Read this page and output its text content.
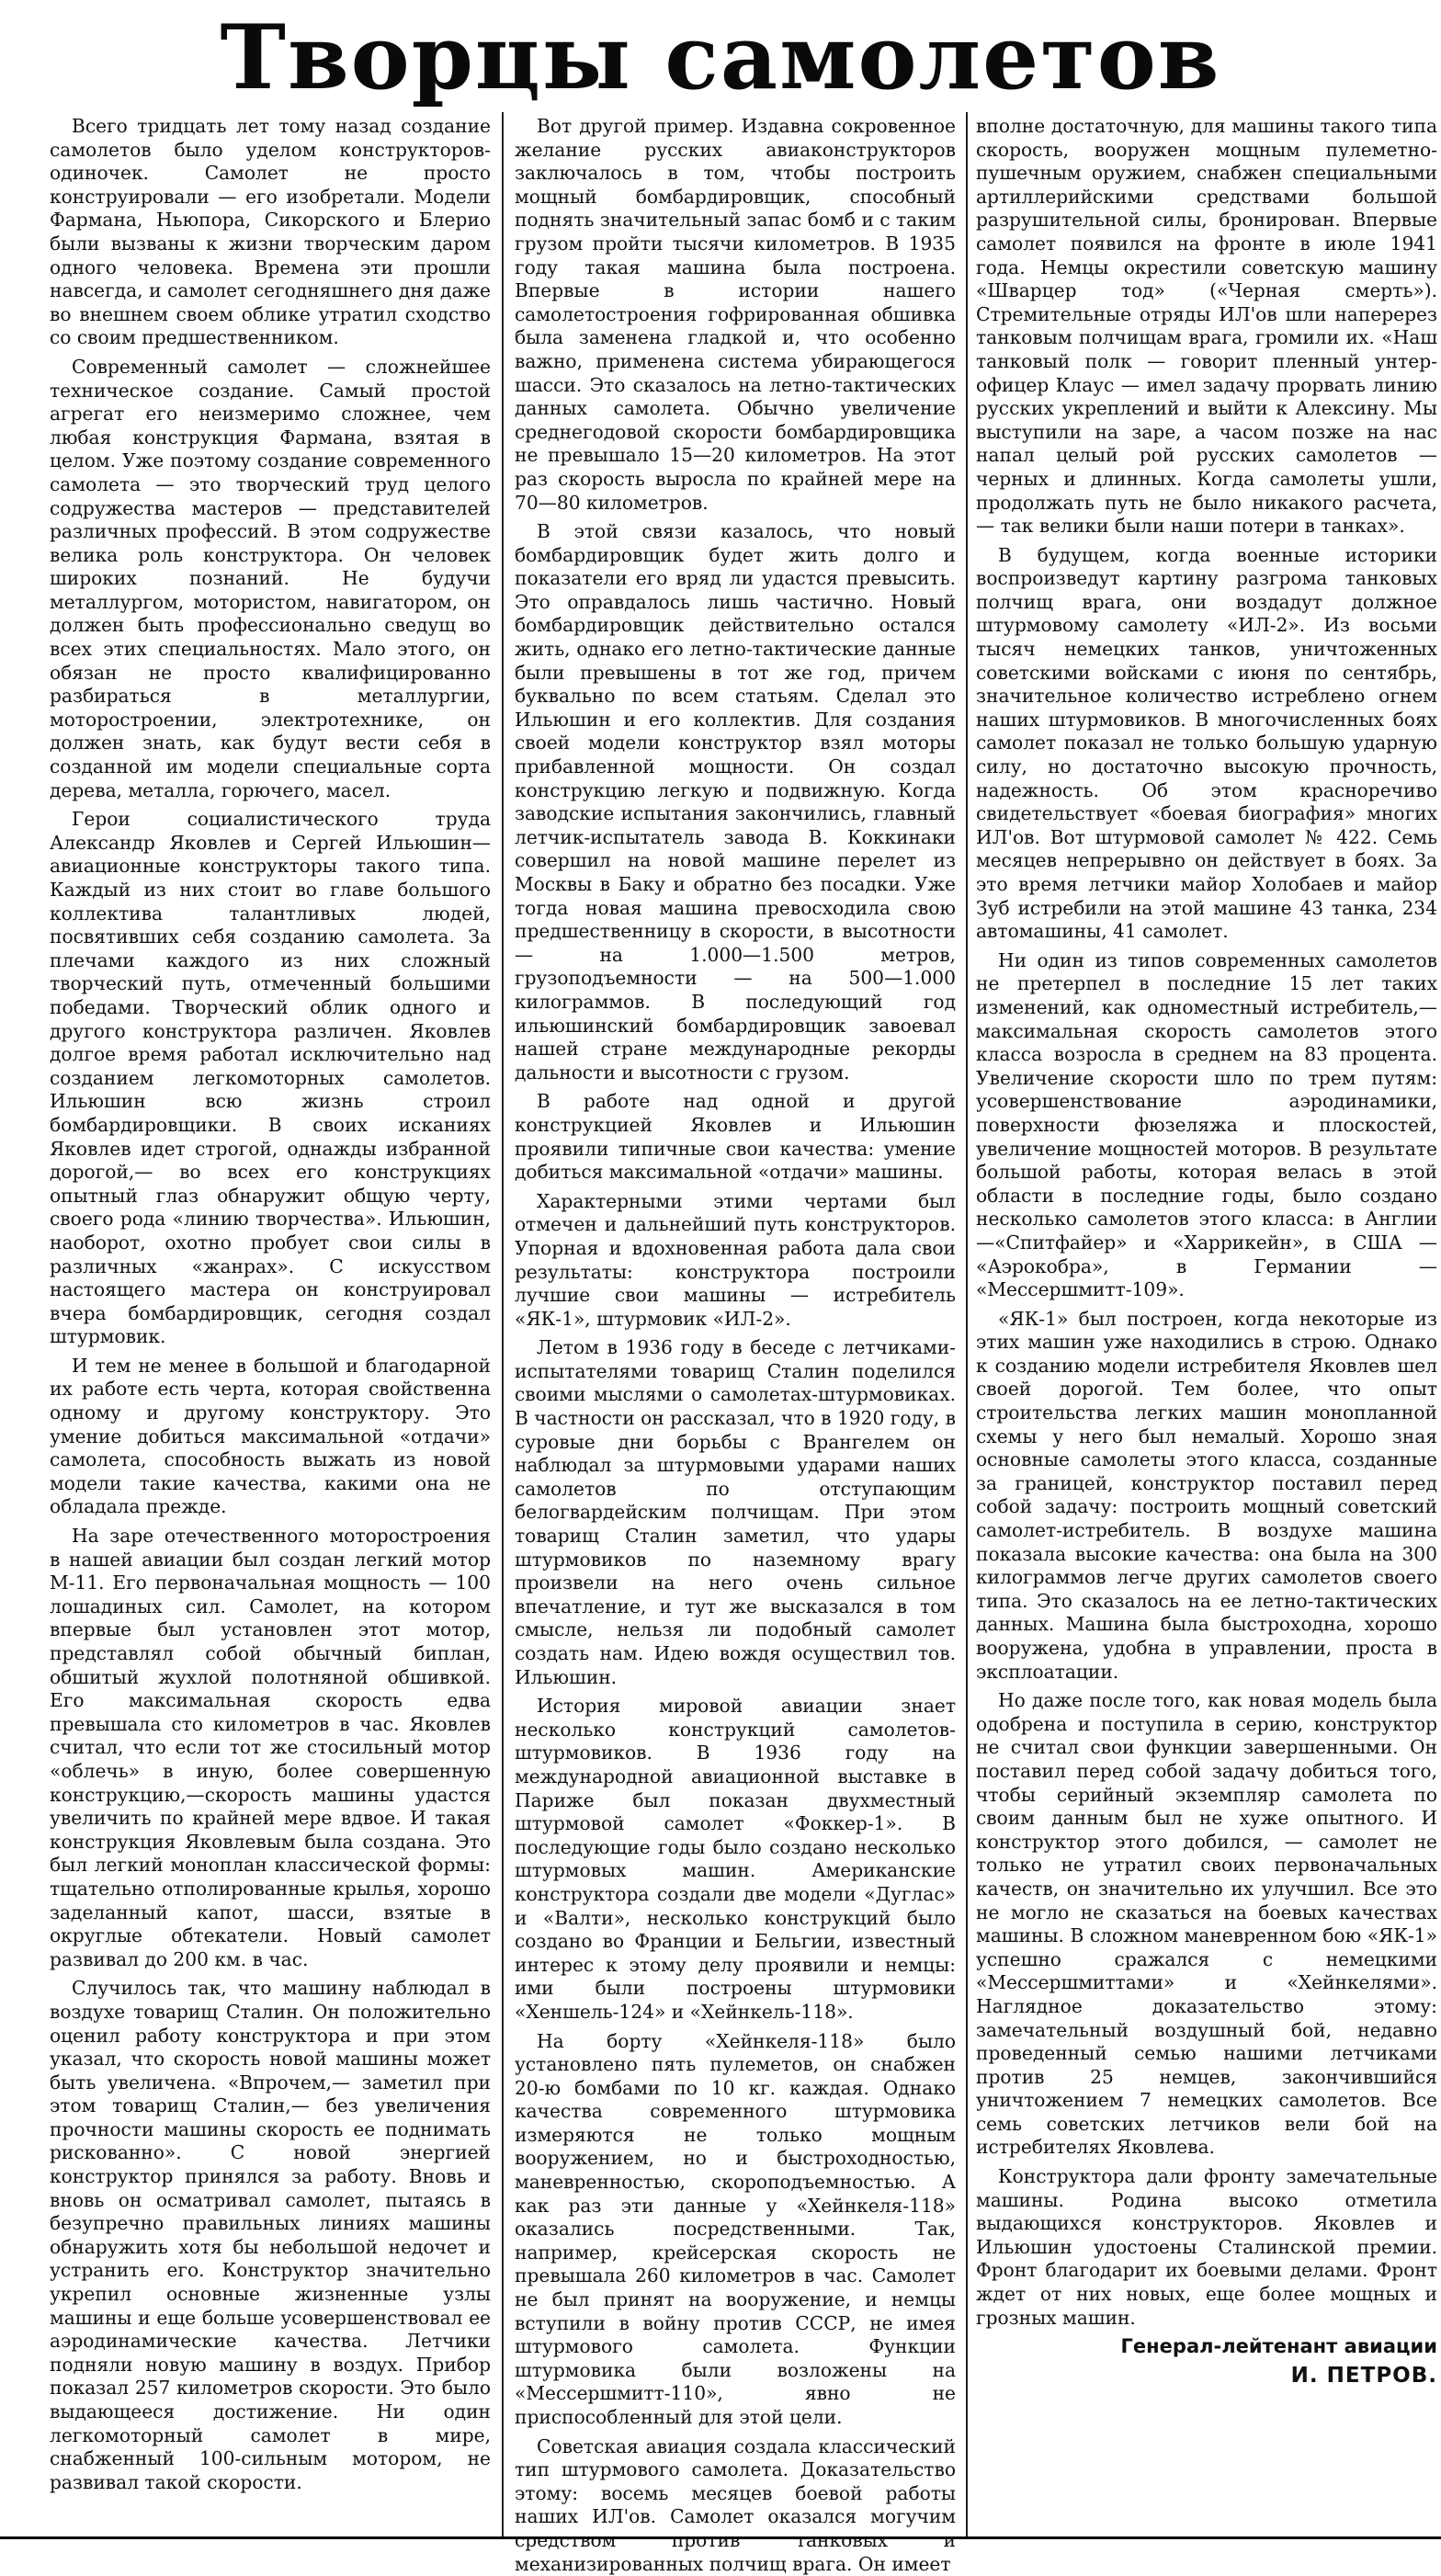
Творцы самолетов

Всего тридцать лет тому назад создание самолетов было уделом конструкторов-одиночек. Самолет не просто конструировали — его изобретали. Модели Фармана, Ньюпора, Сикорского и Блерио были вызваны к жизни творческим даром одного человека. Времена эти прошли навсегда, и самолет сегодняшнего дня даже во внешнем своем облике утратил сходство со своим предшественником.

Современный самолет — сложнейшее техническое создание. Самый простой агрегат его неизмеримо сложнее, чем любая конструкция Фармана, взятая в целом. Уже поэтому создание современного самолета — это творческий труд целого содружества мастеров — представителей различных профессий. В этом содружестве велика роль конструктора. Он человек широких познаний. Не будучи металлургом, мотористом, навигатором, он должен быть профессионально сведущ во всех этих специальностях. Мало этого, он обязан не просто квалифицированно разбираться в металлургии, моторостроении, электротехнике, он должен знать, как будут вести себя в созданной им модели специальные сорта дерева, металла, горючего, масел.

Герои социалистического труда Александр Яковлев и Сергей Ильюшин—авиационные конструкторы такого типа. Каждый из них стоит во главе большого коллектива талантливых людей, посвятивших себя созданию самолета. За плечами каждого из них сложный творческий путь, отмеченный большими победами. Творческий облик одного и другого конструктора различен. Яковлев долгое время работал исключительно над созданием легкомоторных самолетов. Ильюшин всю жизнь строил бомбардировщики. В своих исканиях Яковлев идет строгой, однажды избранной дорогой,— во всех его конструкциях опытный глаз обнаружит общую черту, своего рода «линию творчества». Ильюшин, наоборот, охотно пробует свои силы в различных «жанрах». С искусством настоящего мастера он конструировал вчера бомбардировщик, сегодня создал штурмовик.

И тем не менее в большой и благодарной их работе есть черта, которая свойственна одному и другому конструктору. Это умение добиться максимальной «отдачи» самолета, способность выжать из новой модели такие качества, какими она не обладала прежде.

На заре отечественного моторостроения в нашей авиации был создан легкий мотор М-11. Его первоначальная мощность — 100 лошадиных сил. Самолет, на котором впервые был установлен этот мотор, представлял собой обычный биплан, обшитый жухлой полотняной обшивкой. Его максимальная скорость едва превышала сто километров в час. Яковлев считал, что если тот же стосильный мотор «облечь» в иную, более совершенную конструкцию,—скорость машины удастся увеличить по крайней мере вдвое. И такая конструкция Яковлевым была создана. Это был легкий моноплан классической формы: тщательно отполированные крылья, хорошо заделанный капот, шасси, взятые в округлые обтекатели. Новый самолет развивал до 200 км. в час.

Случилось так, что машину наблюдал в воздухе товарищ Сталин. Он положительно оценил работу конструктора и при этом указал, что скорость новой машины может быть увеличена. «Впрочем,— заметил при этом товарищ Сталин,— без увеличения прочности машины скорость ее поднимать рискованно». С новой энергией конструктор принялся за работу. Вновь и вновь он осматривал самолет, пытаясь в безупречно правильных линиях машины обнаружить хотя бы небольшой недочет и устранить его. Конструктор значительно укрепил основные жизненные узлы машины и еще больше усовершенствовал ее аэродинамические качества. Летчики подняли новую машину в воздух. Прибор показал 257 километров скорости. Это было выдающееся достижение. Ни один легкомоторный самолет в мире, снабженный 100-сильным мотором, не развивал такой скорости.

Вот другой пример. Издавна сокровенное желание русских авиаконструкторов заключалось в том, чтобы построить мощный бомбардировщик, способный поднять значительный запас бомб и с таким грузом пройти тысячи километров. В 1935 году такая машина была построена. Впервые в истории нашего самолетостроения гофрированная обшивка была заменена гладкой и, что особенно важно, применена система убирающегося шасси. Это сказалось на летно-тактических данных самолета. Обычно увеличение среднегодовой скорости бомбардировщика не превышало 15—20 километров. На этот раз скорость выросла по крайней мере на 70—80 километров.

В этой связи казалось, что новый бомбардировщик будет жить долго и показатели его вряд ли удастся превысить. Это оправдалось лишь частично. Новый бомбардировщик действительно остался жить, однако его летно-тактические данные были превышены в тот же год, причем буквально по всем статьям. Сделал это Ильюшин и его коллектив. Для создания своей модели конструктор взял моторы прибавленной мощности. Он создал конструкцию легкую и подвижную. Когда заводские испытания закончились, главный летчик-испытатель завода В. Коккинаки совершил на новой машине перелет из Москвы в Баку и обратно без посадки. Уже тогда новая машина превосходила свою предшественницу в скорости, в высотности — на 1.000—1.500 метров, грузоподъемности — на 500—1.000 килограммов. В последующий год ильюшинский бомбардировщик завоевал нашей стране международные рекорды дальности и высотности с грузом.

В работе над одной и другой конструкцией Яковлев и Ильюшин проявили типичные свои качества: умение добиться максимальной «отдачи» машины.

Характерными этими чертами был отмечен и дальнейший путь конструкторов. Упорная и вдохновенная работа дала свои результаты: конструктора построили лучшие свои машины — истребитель «ЯК-1», штурмовик «ИЛ-2».

Летом в 1936 году в беседе с летчиками-испытателями товарищ Сталин поделился своими мыслями о самолетах-штурмовиках. В частности он рассказал, что в 1920 году, в суровые дни борьбы с Врангелем он наблюдал за штурмовыми ударами наших самолетов по отступающим белогвардейским полчищам. При этом товарищ Сталин заметил, что удары штурмовиков по наземному врагу произвели на него очень сильное впечатление, и тут же высказался в том смысле, нельзя ли подобный самолет создать нам. Идею вождя осуществил тов. Ильюшин.

История мировой авиации знает несколько конструкций самолетов-штурмовиков. В 1936 году на международной авиационной выставке в Париже был показан двухместный штурмовой самолет «Фоккер-1». В последующие годы было создано несколько штурмовых машин. Американские конструктора создали две модели «Дуглас» и «Валти», несколько конструкций было создано во Франции и Бельгии, известный интерес к этому делу проявили и немцы: ими были построены штурмовики «Хеншель-124» и «Хейнкель-118».

На борту «Хейнкеля-118» было установлено пять пулеметов, он снабжен 20-ю бомбами по 10 кг. каждая. Однако качества современного штурмовика измеряются не только мощным вооружением, но и быстроходностью, маневренностью, скороподъемностью. А как раз эти данные у «Хейнкеля-118» оказались посредственными. Так, например, крейсерская скорость не превышала 260 километров в час. Самолет не был принят на вооружение, и немцы вступили в войну против СССР, не имея штурмового самолета. Функции штурмовика были возложены на «Мессершмитт-110», явно не приспособленный для этой цели.

Советская авиация создала классический тип штурмового самолета. Доказательство этому: восемь месяцев боевой работы наших ИЛ'ов. Самолет оказался могучим средством против танковых и механизированных полчищ врага. Он имеет

вполне достаточную, для машины такого типа скорость, вооружен мощным пулеметно-пушечным оружием, снабжен специальными артиллерийскими средствами большой разрушительной силы, бронирован. Впервые самолет появился на фронте в июле 1941 года. Немцы окрестили советскую машину «Шварцер тод» («Черная смерть»). Стремительные отряды ИЛ'ов шли наперерез танковым полчищам врага, громили их. «Наш танковый полк — говорит пленный унтер-офицер Клаус — имел задачу прорвать линию русских укреплений и выйти к Алексину. Мы выступили на заре, а часом позже на нас напал целый рой русских самолетов — черных и длинных. Когда самолеты ушли, продолжать путь не было никакого расчета, — так велики были наши потери в танках».

В будущем, когда военные историки воспроизведут картину разгрома танковых полчищ врага, они воздадут должное штурмовому самолету «ИЛ-2». Из восьми тысяч немецких танков, уничтоженных советскими войсками с июня по сентябрь, значительное количество истреблено огнем наших штурмовиков. В многочисленных боях самолет показал не только большую ударную силу, но достаточно высокую прочность, надежность. Об этом красноречиво свидетельствует «боевая биография» многих ИЛ'ов. Вот штурмовой самолет № 422. Семь месяцев непрерывно он действует в боях. За это время летчики майор Холобаев и майор Зуб истребили на этой машине 43 танка, 234 автомашины, 41 самолет.

Ни один из типов современных самолетов не претерпел в последние 15 лет таких изменений, как одноместный истребитель,— максимальная скорость самолетов этого класса возросла в среднем на 83 процента. Увеличение скорости шло по трем путям: усовершенствование аэродинамики, поверхности фюзеляжа и плоскостей, увеличение мощностей моторов. В результате большой работы, которая велась в этой области в последние годы, было создано несколько самолетов этого класса: в Англии—«Спитфайер» и «Харрикейн», в США — «Аэрокобра», в Германии — «Мессершмитт-109».

«ЯК-1» был построен, когда некоторые из этих машин уже находились в строю. Однако к созданию модели истребителя Яковлев шел своей дорогой. Тем более, что опыт строительства легких машин монопланной схемы у него был немалый. Хорошо зная основные самолеты этого класса, созданные за границей, конструктор поставил перед собой задачу: построить мощный советский самолет-истребитель. В воздухе машина показала высокие качества: она была на 300 килограммов легче других самолетов своего типа. Это сказалось на ее летно-тактических данных. Машина была быстроходна, хорошо вооружена, удобна в управлении, проста в эксплоатации.

Но даже после того, как новая модель была одобрена и поступила в серию, конструктор не считал свои функции завершенными. Он поставил перед собой задачу добиться того, чтобы серийный экземпляр самолета по своим данным был не хуже опытного. И конструктор этого добился, — самолет не только не утратил своих первоначальных качеств, он значительно их улучшил. Все это не могло не сказаться на боевых качествах машины. В сложном маневренном бою «ЯК-1» успешно сражался с немецкими «Мессершмиттами» и «Хейнкелями». Наглядное доказательство этому: замечательный воздушный бой, недавно проведенный семью нашими летчиками против 25 немцев, закончившийся уничтожением 7 немецких самолетов. Все семь советских летчиков вели бой на истребителях Яковлева.

Конструктора дали фронту замечательные машины. Родина высоко отметила выдающихся конструкторов. Яковлев и Ильюшин удостоены Сталинской премии. Фронт благодарит их боевыми делами. Фронт ждет от них новых, еще более мощных и грозных машин.

Генерал-лейтенант авиации

И. ПЕТРОВ.
